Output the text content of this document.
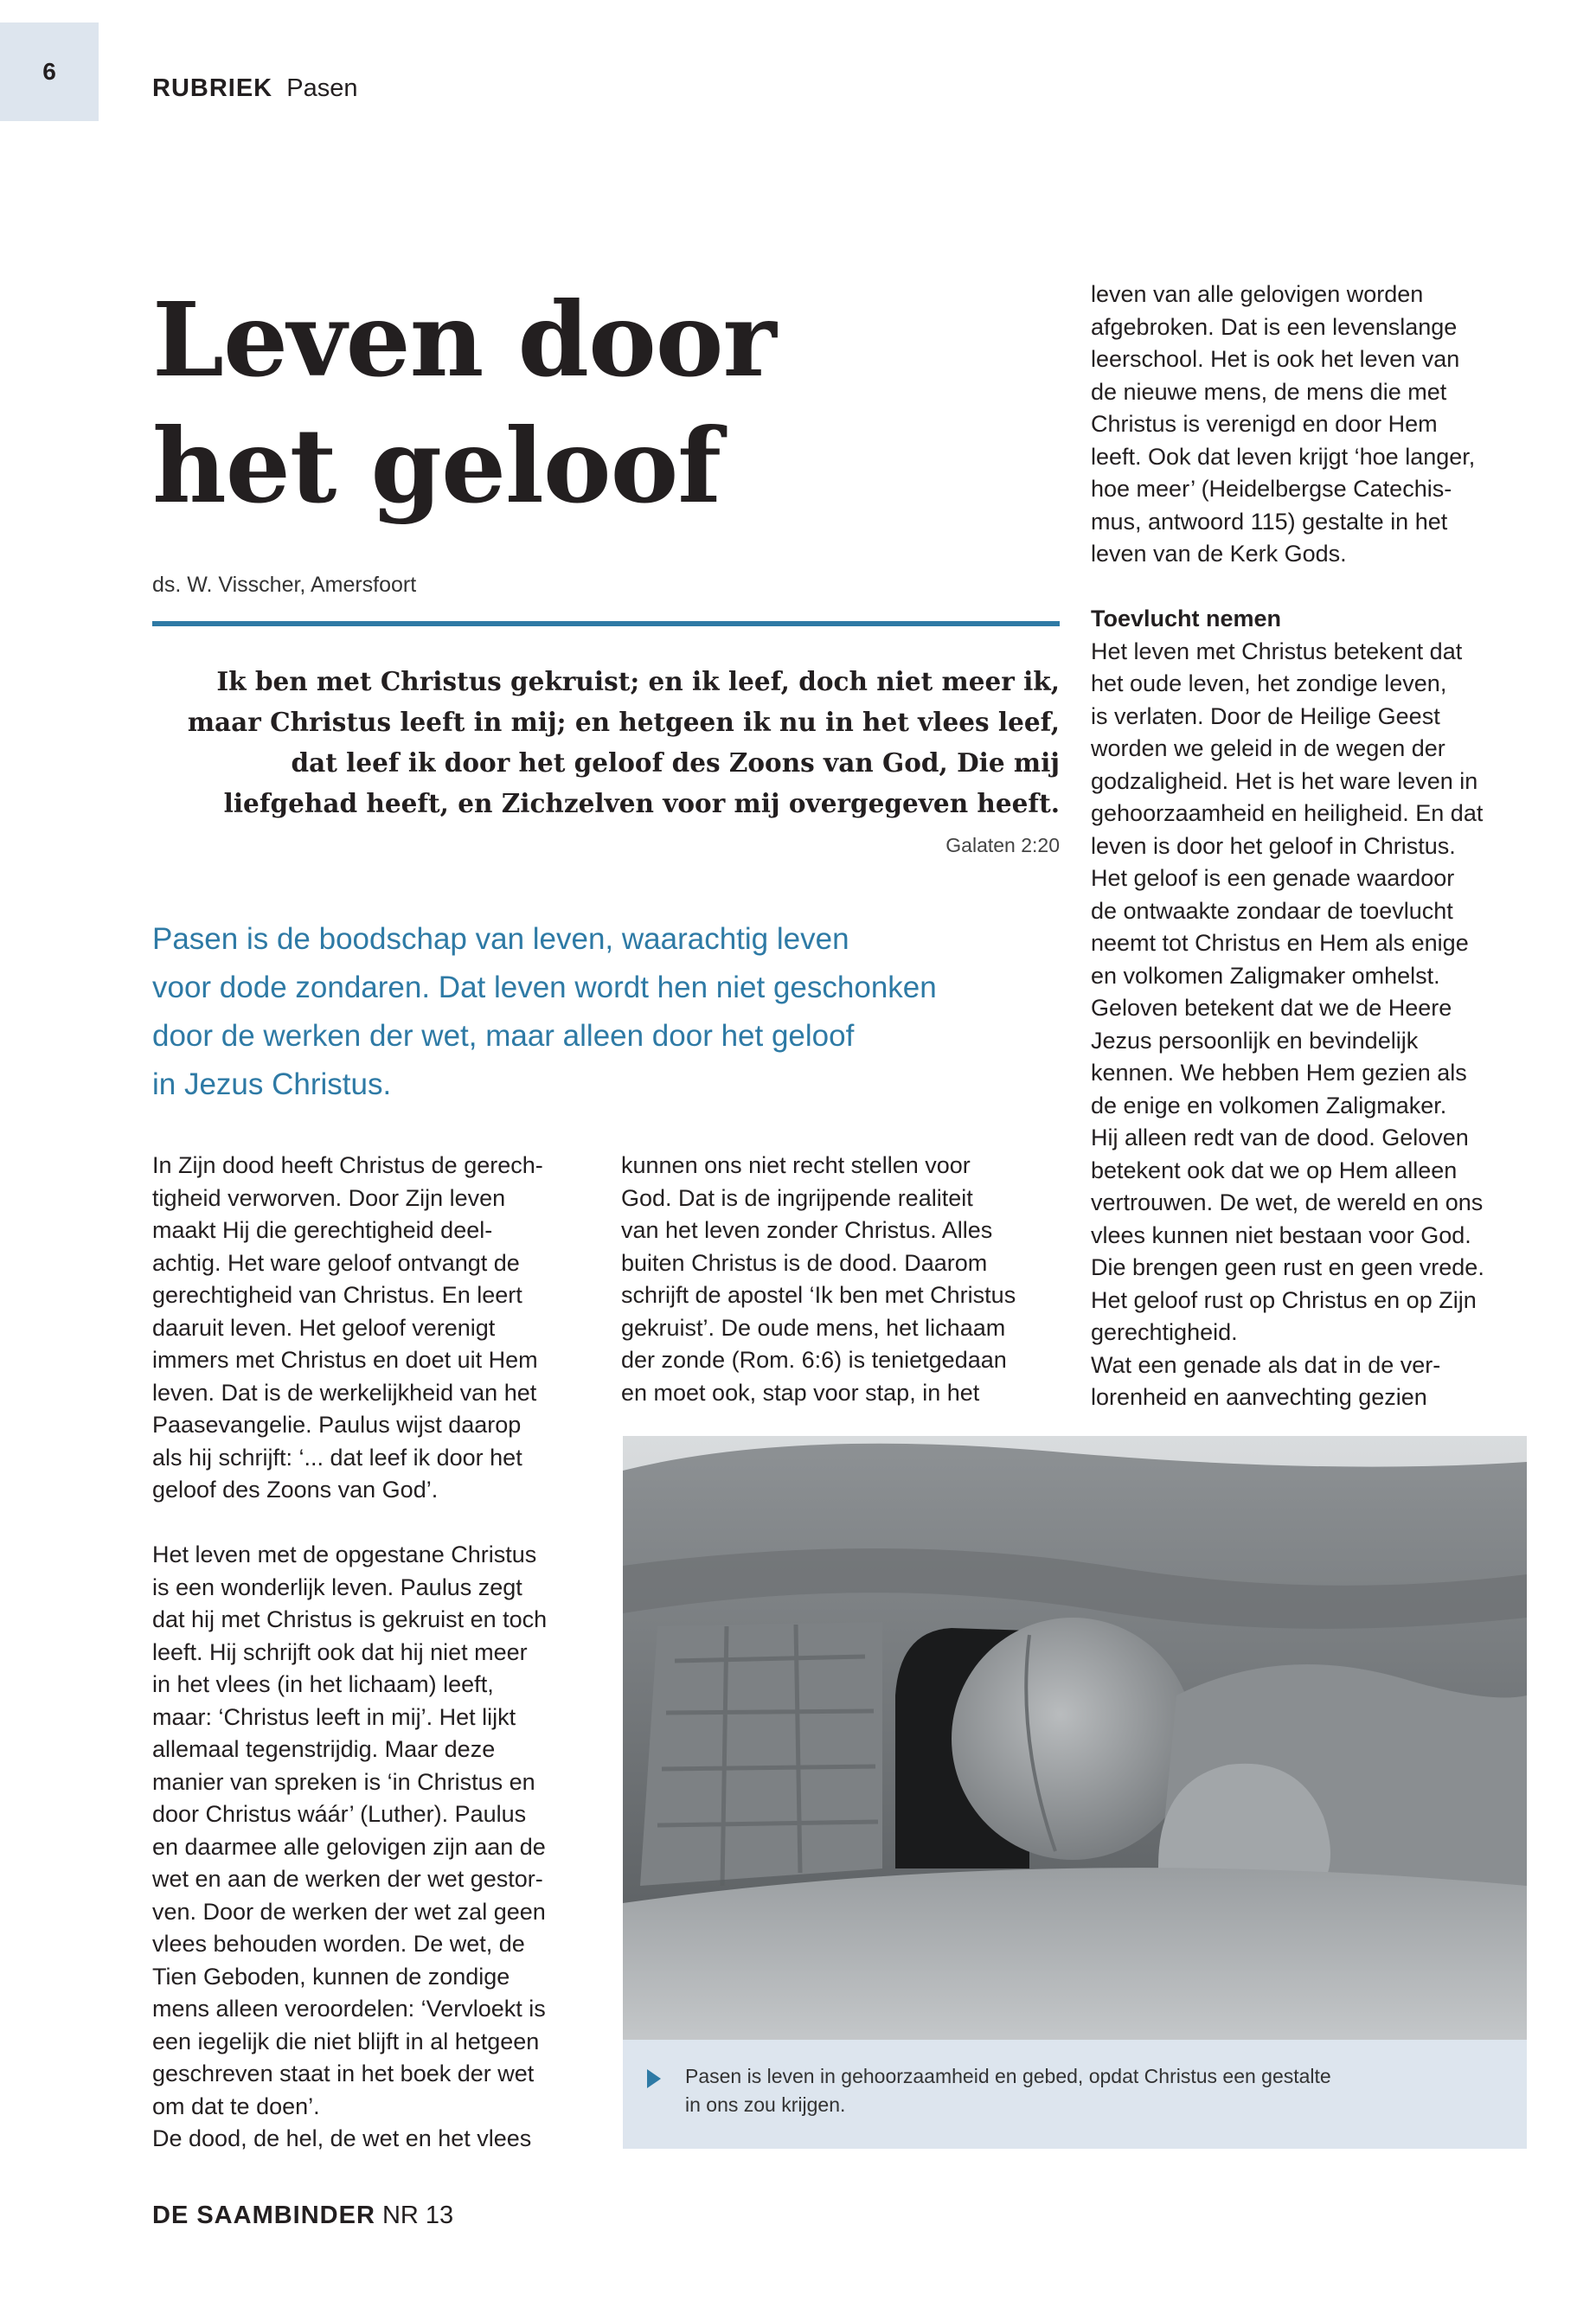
6
RUBRIEK Pasen
Leven door
het geloof
ds. W. Visscher, Amersfoort
Ik ben met Christus gekruist; en ik leef, doch niet meer ik,
maar Christus leeft in mij; en hetgeen ik nu in het vlees leef,
dat leef ik door het geloof des Zoons van God, Die mij
liefgehad heeft, en Zichzelven voor mij overgegeven heeft.
Galaten 2:20
Pasen is de boodschap van leven, waarachtig leven
voor dode zondaren. Dat leven wordt hen niet geschonken
door de werken der wet, maar alleen door het geloof
in Jezus Christus.
In Zijn dood heeft Christus de gerech-
tigheid verworven. Door Zijn leven
maakt Hij die gerechtigheid deel-
achtig. Het ware geloof ontvangt de
gerechtigheid van Christus. En leert
daaruit leven. Het geloof verenigt
immers met Christus en doet uit Hem
leven. Dat is de werkelijkheid van het
Paasevangelie. Paulus wijst daarop
als hij schrijft: ‘... dat leef ik door het
geloof des Zoons van God’.
Het leven met de opgestane Christus
is een wonderlijk leven. Paulus zegt
dat hij met Christus is gekruist en toch
leeft. Hij schrijft ook dat hij niet meer
in het vlees (in het lichaam) leeft,
maar: ‘Christus leeft in mij’. Het lijkt
allemaal tegenstrijdig. Maar deze
manier van spreken is ‘in Christus en
door Christus wáár’ (Luther). Paulus
en daarmee alle gelovigen zijn aan de
wet en aan de werken der wet gestor-
ven. Door de werken der wet zal geen
vlees behouden worden. De wet, de
Tien Geboden, kunnen de zondige
mens alleen veroordelen: ‘Vervloekt is
een iegelijk die niet blijft in al hetgeen
geschreven staat in het boek der wet
om dat te doen’.
De dood, de hel, de wet en het vlees
kunnen ons niet recht stellen voor
God. Dat is de ingrijpende realiteit
van het leven zonder Christus. Alles
buiten Christus is de dood. Daarom
schrijft de apostel ‘Ik ben met Christus
gekruist’. De oude mens, het lichaam
der zonde (Rom. 6:6) is tenietgedaan
en moet ook, stap voor stap, in het
leven van alle gelovigen worden
afgebroken. Dat is een levenslange
leerschool. Het is ook het leven van
de nieuwe mens, de mens die met
Christus is verenigd en door Hem
leeft. Ook dat leven krijgt ‘hoe langer,
hoe meer’ (Heidelbergse Catechis-
mus, antwoord 115) gestalte in het
leven van de Kerk Gods.
Toevlucht nemen
Het leven met Christus betekent dat
het oude leven, het zondige leven,
is verlaten. Door de Heilige Geest
worden we geleid in de wegen der
godzaligheid. Het is het ware leven in
gehoorzaamheid en heiligheid. En dat
leven is door het geloof in Christus.
Het geloof is een genade waardoor
de ontwaakte zondaar de toevlucht
neemt tot Christus en Hem als enige
en volkomen Zaligmaker omhelst.
Geloven betekent dat we de Heere
Jezus persoonlijk en bevindelijk
kennen. We hebben Hem gezien als
de enige en volkomen Zaligmaker.
Hij alleen redt van de dood. Geloven
betekent ook dat we op Hem alleen
vertrouwen. De wet, de wereld en ons
vlees kunnen niet bestaan voor God.
Die brengen geen rust en geen vrede.
Het geloof rust op Christus en op Zijn
gerechtigheid.
Wat een genade als dat in de ver-
lorenheid en aanvechting gezien
Pasen is leven in gehoorzaamheid en gebed, opdat Christus een gestalte
in ons zou krijgen.
DE SAAMBINDER NR 13
